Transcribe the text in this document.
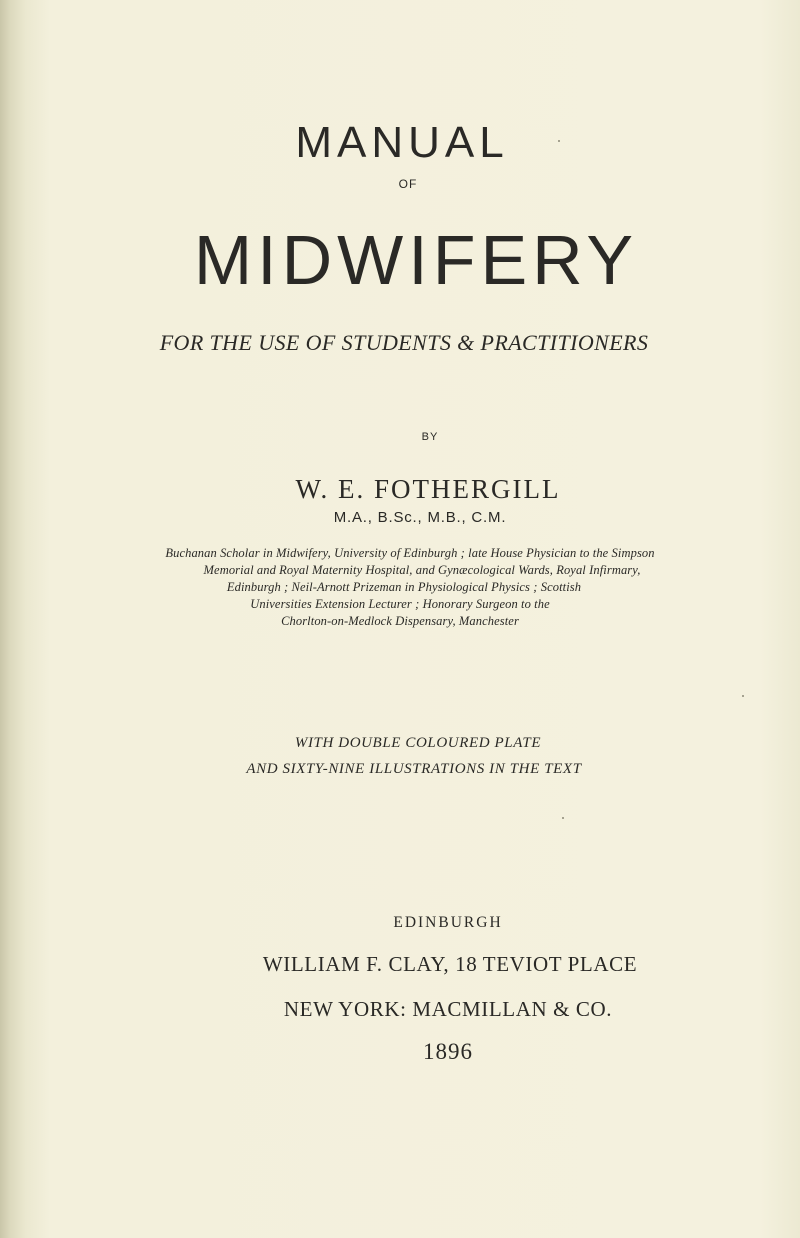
MANUAL
OF
MIDWIFERY
FOR THE USE OF STUDENTS & PRACTITIONERS
BY
W. E. FOTHERGILL
M.A., B.Sc., M.B., C.M.
Buchanan Scholar in Midwifery, University of Edinburgh ; late House Physician to the Simpson
Memorial and Royal Maternity Hospital, and Gynæcological Wards, Royal Infirmary,
Edinburgh ; Neil-Arnott Prizeman in Physiological Physics ; Scottish
Universities Extension Lecturer ; Honorary Surgeon to the
Chorlton-on-Medlock Dispensary, Manchester
WITH DOUBLE COLOURED PLATE
AND SIXTY-NINE ILLUSTRATIONS IN THE TEXT
EDINBURGH
WILLIAM F. CLAY, 18 TEVIOT PLACE
NEW YORK: MACMILLAN & CO.
1896
